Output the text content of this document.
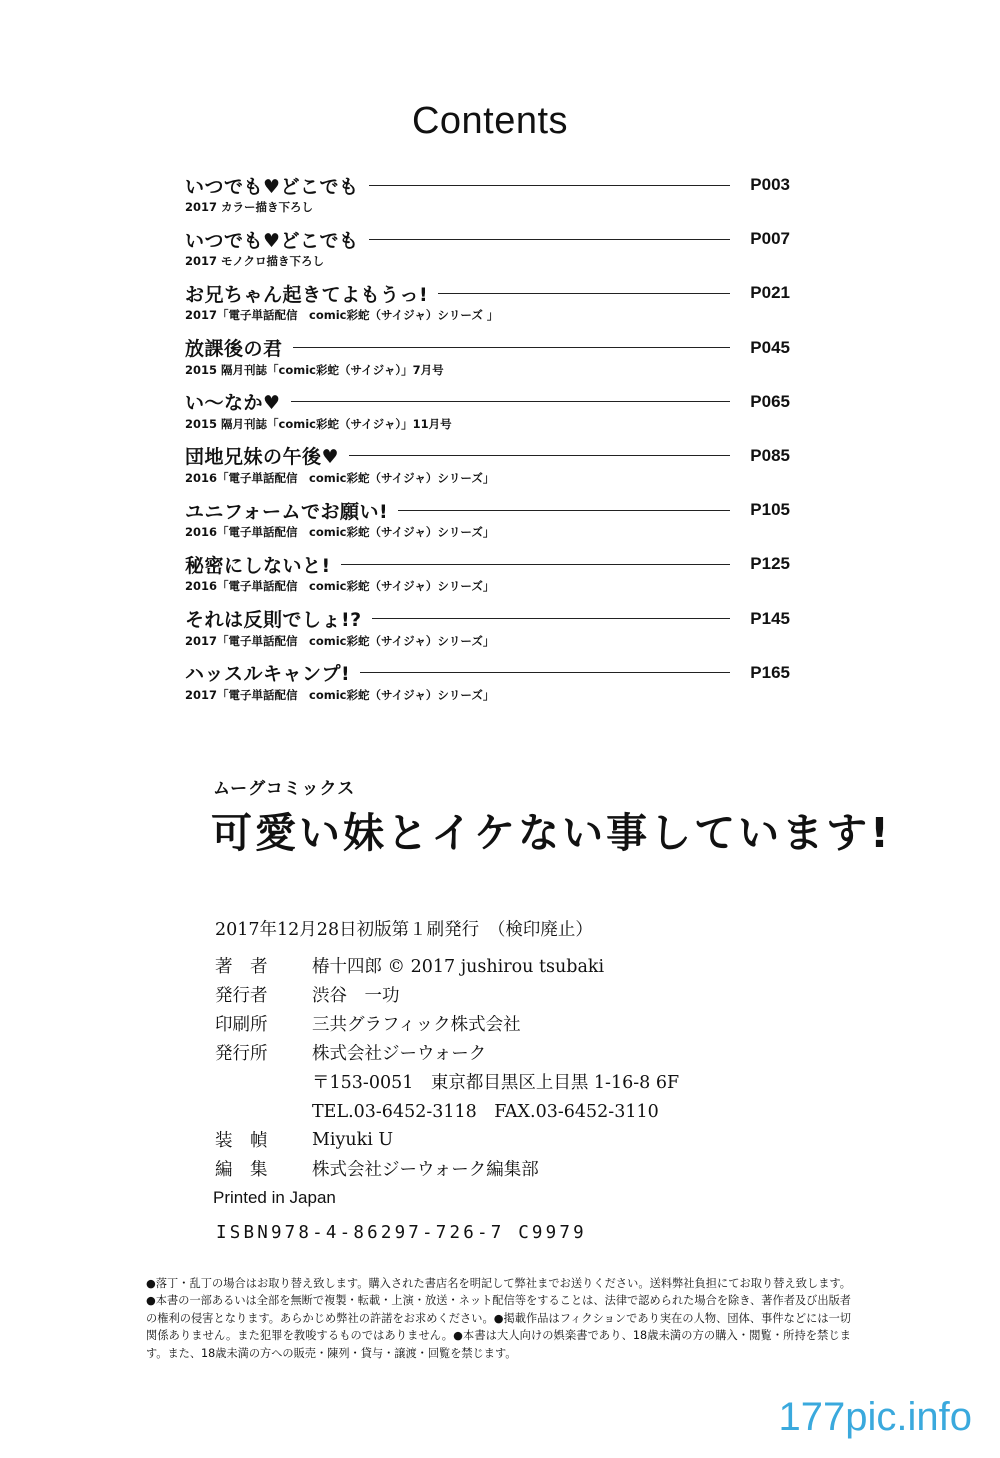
Contents
いつでも♥どこでも	P003
2017 カラー描き下ろし
いつでも♥どこでも	P007
2017 モノクロ描き下ろし
お兄ちゃん起きてよもうっ!	P021
2017「電子単話配信　comic彩蛇（サイジャ）シリーズ 」
放課後の君	P045
2015 隔月刊誌「comic彩蛇（サイジャ）」7月号
い〜なか♥	P065
2015 隔月刊誌「comic彩蛇（サイジャ）」11月号
団地兄妹の午後♥	P085
2016「電子単話配信　comic彩蛇（サイジャ）シリーズ」
ユニフォームでお願い!	P105
2016「電子単話配信　comic彩蛇（サイジャ）シリーズ」
秘密にしないと!	P125
2016「電子単話配信　comic彩蛇（サイジャ）シリーズ」
それは反則でしょ!?	P145
2017「電子単話配信　comic彩蛇（サイジャ）シリーズ」
ハッスルキャンプ!	P165
2017「電子単話配信　comic彩蛇（サイジャ）シリーズ」
ムーグコミックス
可愛い妹とイケない事しています!
2017年12月28日初版第１刷発行　（検印廃止）
著　者	椿十四郎 © 2017 jushirou tsubaki
発行者	渋谷　一功
印刷所	三共グラフィック株式会社
発行所	株式会社ジーウォーク
〒153-0051　東京都目黒区上目黒 1-16-8 6F
TEL.03-6452-3118　FAX.03-6452-3110
装　幀	Miyuki U
編　集	株式会社ジーウォーク編集部
Printed in Japan
ISBN978-4-86297-726-7 C9979
●落丁・乱丁の場合はお取り替え致します。購入された書店名を明記して弊社までお送りください。送料弊社負担にてお取り替え致します。●本書の一部あるいは全部を無断で複製・転載・上演・放送・ネット配信等をすることは、法律で認められた場合を除き、著作者及び出版者の権利の侵害となります。あらかじめ弊社の許諾をお求めください。●掲載作品はフィクションであり実在の人物、団体、事件などには一切関係ありません。また犯罪を教唆するものではありません。●本書は大人向けの娯楽書であり、18歳未満の方の購入・閲覧・所持を禁じます。また、18歳未満の方への販売・陳列・貸与・譲渡・回覧を禁じます。
177pic.info
